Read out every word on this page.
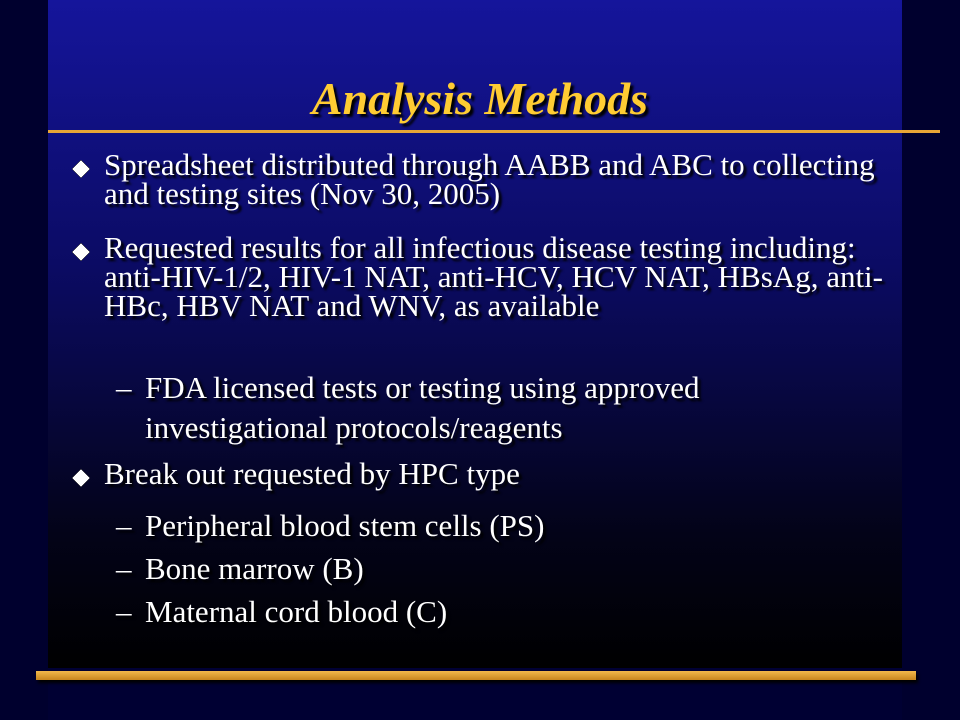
Analysis Methods
Spreadsheet distributed through AABB and ABC to collecting and testing sites (Nov 30, 2005)
Requested results for all infectious disease testing including: anti-HIV-1/2, HIV-1 NAT, anti-HCV, HCV NAT, HBsAg, anti-HBc, HBV NAT and WNV, as available
– FDA licensed tests or testing using approved investigational protocols/reagents
Break out requested by HPC type
– Peripheral blood stem cells (PS)
– Bone marrow (B)
– Maternal cord blood (C)
